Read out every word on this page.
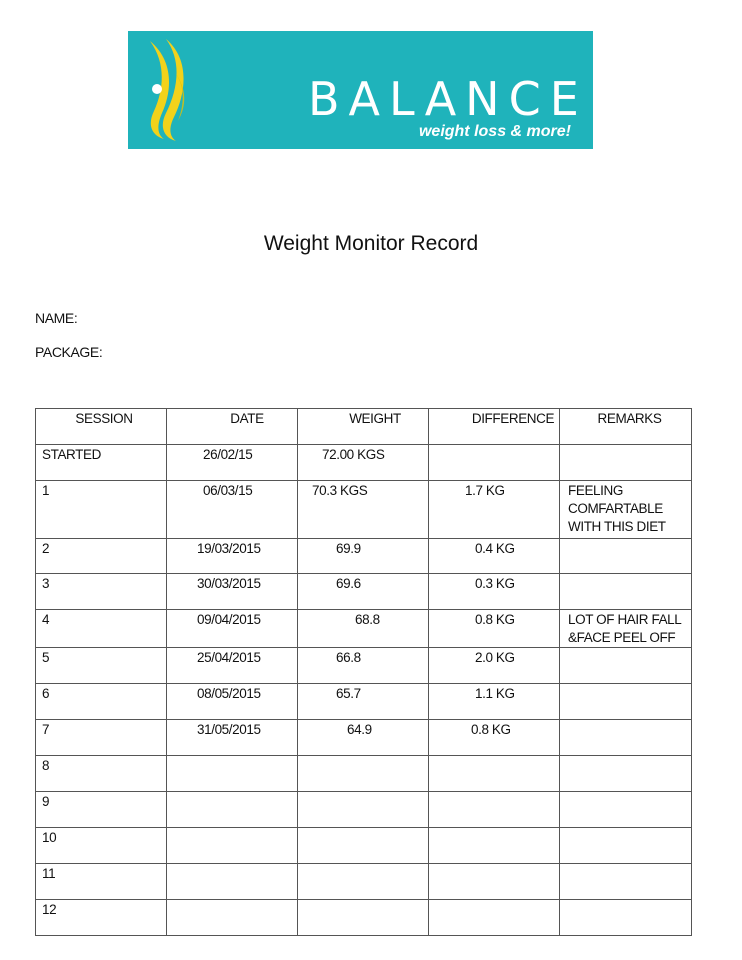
BALANCE
weight loss & more!
Weight Monitor Record
NAME:
PACKAGE:
SESSION	DATE	WEIGHT	DIFFERENCE	REMARKS

STARTED	26/02/15	72.00 KGS		

1	06/03/15	70.3 KGS	1.7 KG	FEELING COMFARTABLE WITH THIS DIET

2	19/03/2015	69.9	0.4 KG	

3	30/03/2015	69.6	0.3 KG	

4	09/04/2015	68.8	0.8 KG	LOT OF HAIR FALL &FACE PEEL OFF

5	25/04/2015	66.8	2.0 KG	

6	08/05/2015	65.7	1.1 KG	

7	31/05/2015	64.9	0.8 KG	

8				

9				

10				

11				

12				
